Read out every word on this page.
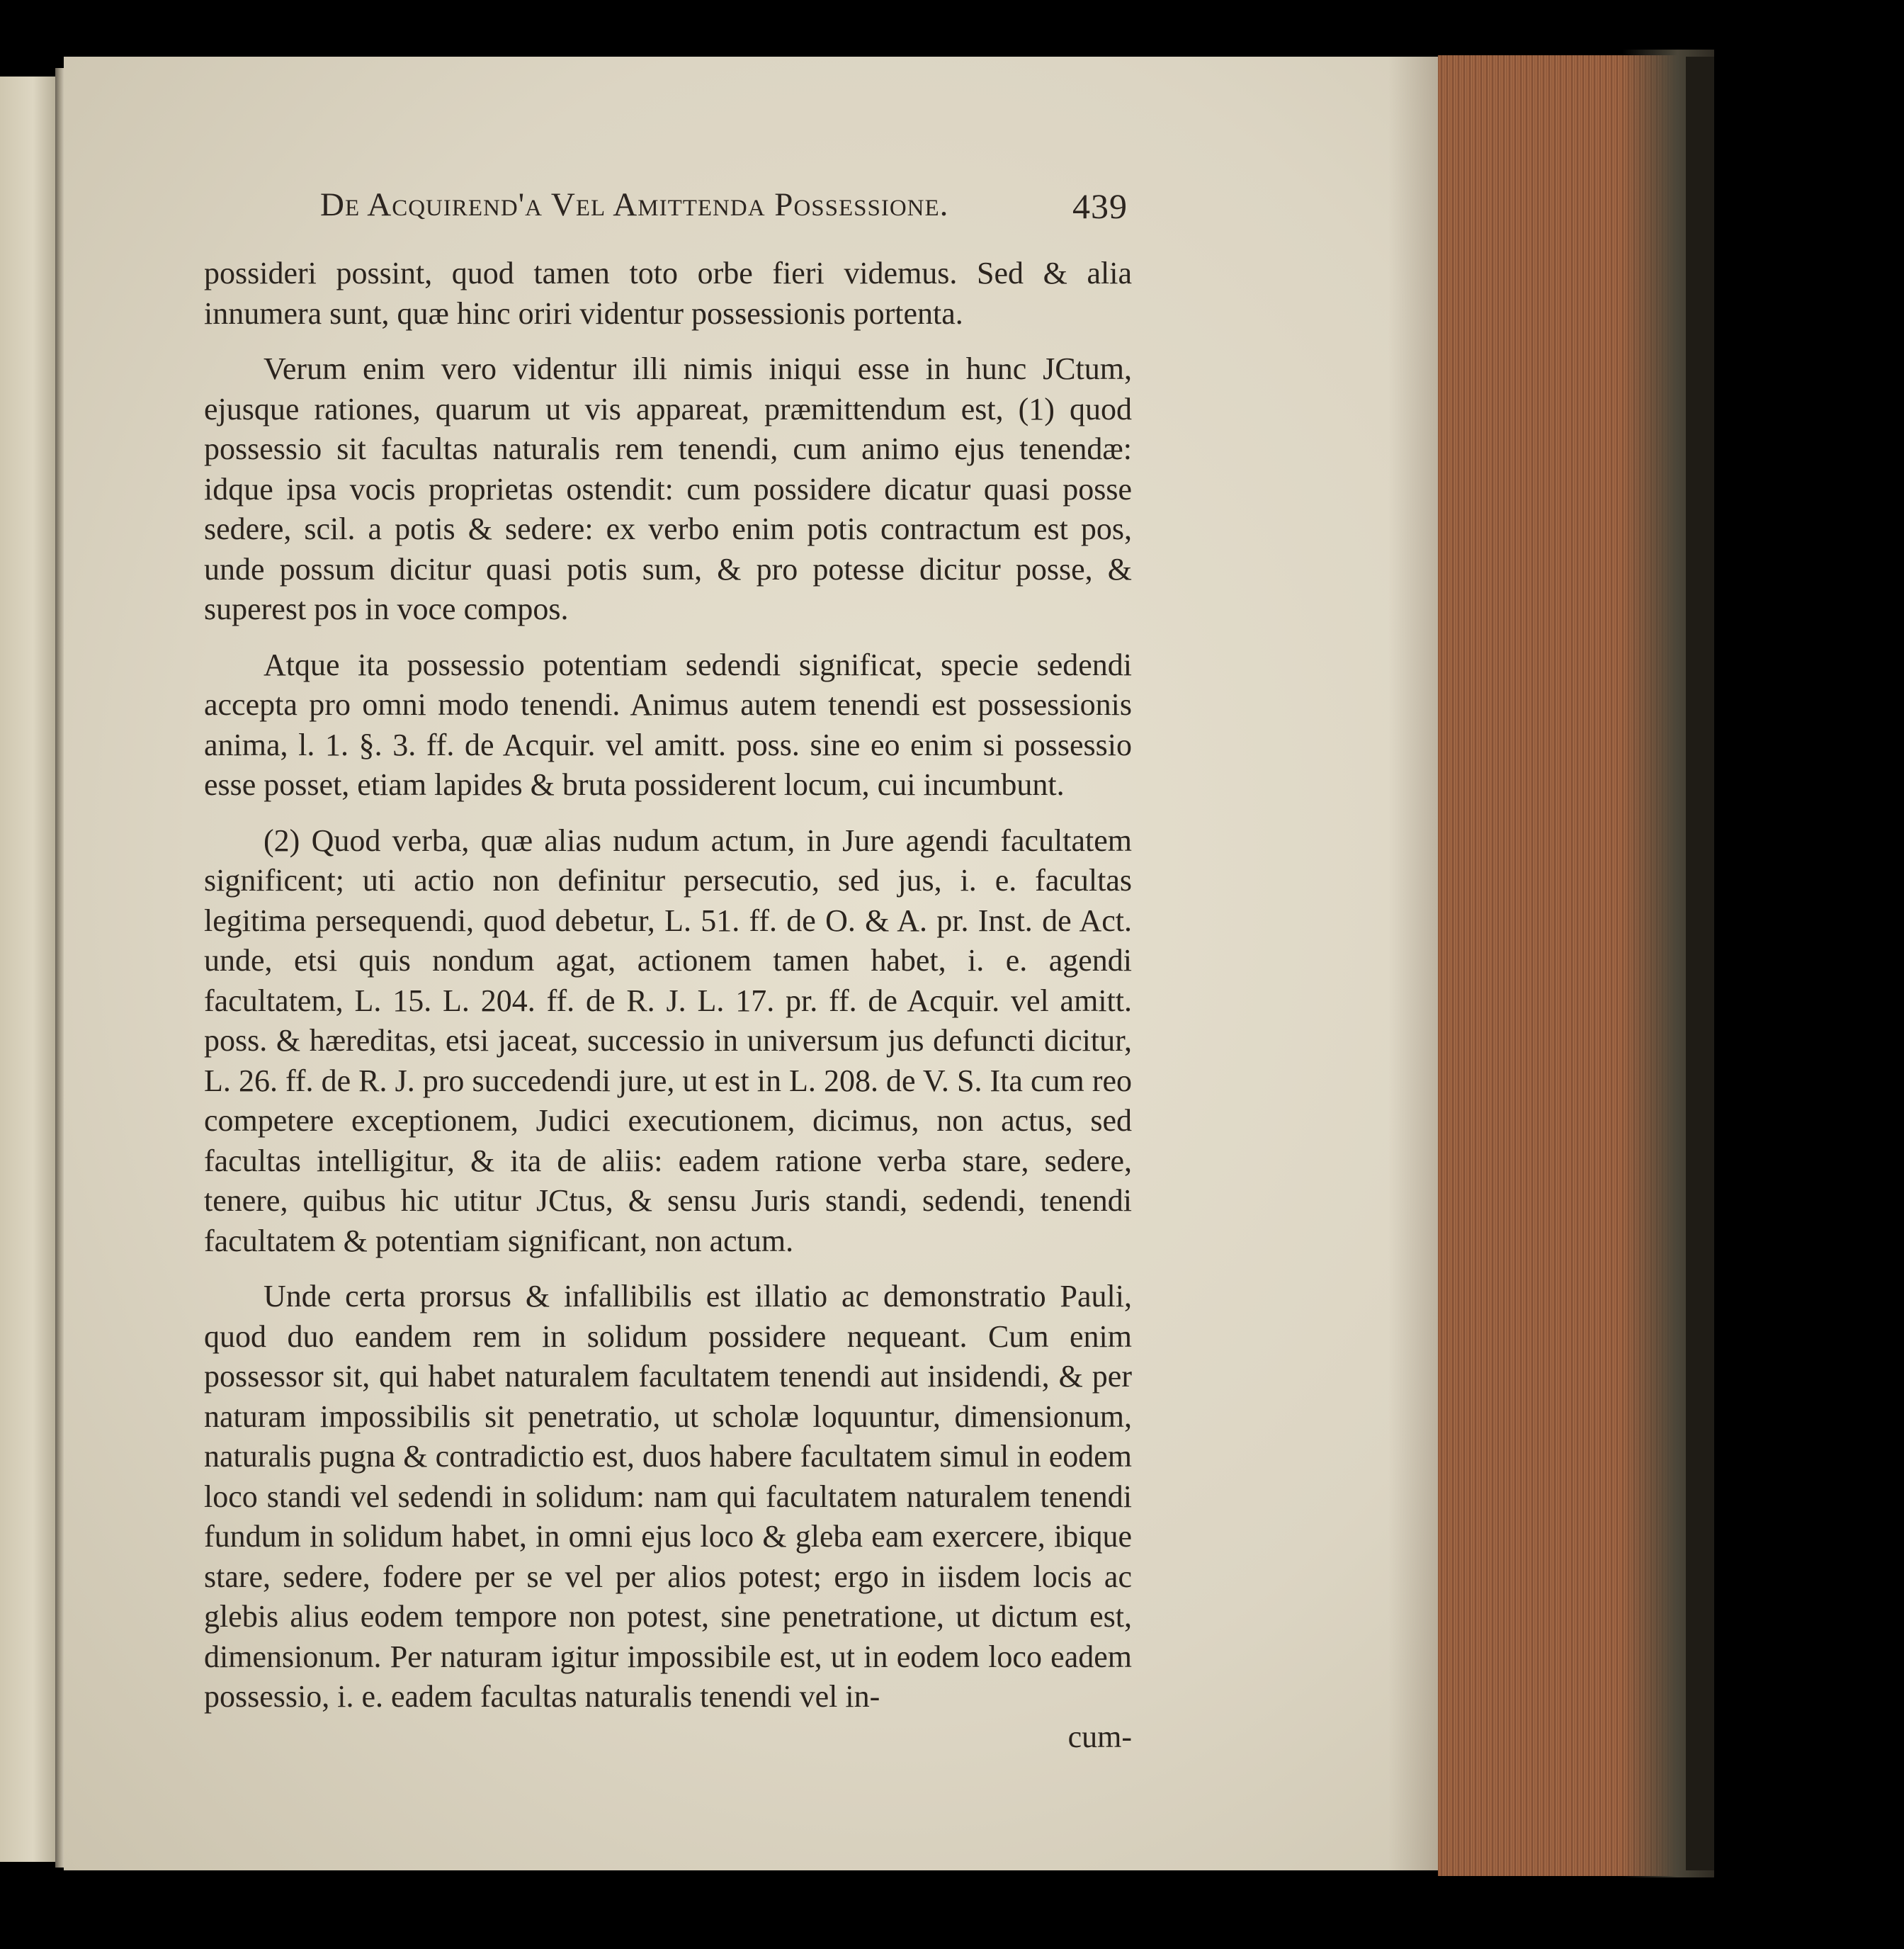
De Acquirend'a Vel Amittenda Possessione.	439

possideri possint, quod tamen toto orbe fieri videmus. Sed & alia innumera sunt, quæ hinc oriri videntur possessionis portenta.

Verum enim vero videntur illi nimis iniqui esse in hunc JCtum, ejusque rationes, quarum ut vis appareat, præmittendum est, (1) quod possessio sit facultas naturalis rem tenendi, cum animo ejus tenendæ: idque ipsa vocis proprietas ostendit: cum possidere dicatur quasi posse sedere, scil. a potis & sedere: ex verbo enim potis contractum est pos, unde possum dicitur quasi potis sum, & pro potesse dicitur posse, & superest pos in voce compos.

Atque ita possessio potentiam sedendi significat, specie sedendi accepta pro omni modo tenendi. Animus autem tenendi est possessionis anima, l. 1. §. 3. ff. de Acquir. vel amitt. poss. sine eo enim si possessio esse posset, etiam lapides & bruta possiderent locum, cui incumbunt.

(2) Quod verba, quæ alias nudum actum, in Jure agendi facultatem significent; uti actio non definitur persecutio, sed jus, i. e. facultas legitima persequendi, quod debetur, L. 51. ff. de O. & A. pr. Inst. de Act. unde, etsi quis nondum agat, actionem tamen habet, i. e. agendi facultatem, L. 15. L. 204. ff. de R. J. L. 17. pr. ff. de Acquir. vel amitt. poss. & hæreditas, etsi jaceat, successio in universum jus defuncti dicitur, L. 26. ff. de R. J. pro succedendi jure, ut est in L. 208. de V. S. Ita cum reo competere exceptionem, Judici executionem, dicimus, non actus, sed facultas intelligitur, & ita de aliis: eadem ratione verba stare, sedere, tenere, quibus hic utitur JCtus, & sensu Juris standi, sedendi, tenendi facultatem & potentiam significant, non actum.

Unde certa prorsus & infallibilis est illatio ac demonstratio Pauli, quod duo eandem rem in solidum possidere nequeant. Cum enim possessor sit, qui habet naturalem facultatem tenendi aut insidendi, & per naturam impossibilis sit penetratio, ut scholæ loquuntur, dimensionum, naturalis pugna & contradictio est, duos habere facultatem simul in eodem loco standi vel sedendi in solidum: nam qui facultatem naturalem tenendi fundum in solidum habet, in omni ejus loco & gleba eam exercere, ibique stare, sedere, fodere per se vel per alios potest; ergo in iisdem locis ac glebis alius eodem tempore non potest, sine penetratione, ut dictum est, dimensionum. Per naturam igitur impossibile est, ut in eodem loco eadem possessio, i. e. eadem facultas naturalis tenendi vel in-

cum-
